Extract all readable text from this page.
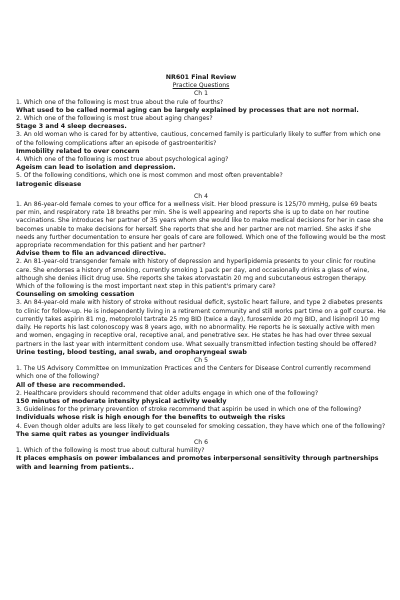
NR601 Final Review
Practice Questions
Ch 1
1. Which one of the following is most true about the rule of fourths?
What used to be called normal aging can be largely explained by processes that are not normal.
2. Which one of the following is most true about aging changes?
Stage 3 and 4 sleep decreases.
3. An old woman who is cared for by attentive, cautious, concerned family is particularly likely to suffer from which one of the following complications after an episode of gastroenteritis?
Immobility related to over concern
4. Which one of the following is most true about psychological aging?
Ageism can lead to isolation and depression.
5. Of the following conditions, which one is most common and most often preventable?
Iatrogenic disease
Ch 4
1. An 86-year-old female comes to your office for a wellness visit. Her blood pressure is 125/70 mmHg, pulse 69 beats per min, and respiratory rate 18 breaths per min. She is well appearing and reports she is up to date on her routine vaccinations. She introduces her partner of 35 years whom she would like to make medical decisions for her in case she becomes unable to make decisions for herself. She reports that she and her partner are not married. She asks if she needs any further documentation to ensure her goals of care are followed. Which one of the following would be the most appropriate recommendation for this patient and her partner?
Advise them to file an advanced directive.
2. An 81-year-old transgender female with history of depression and hyperlipidemia presents to your clinic for routine care. She endorses a history of smoking, currently smoking 1 pack per day, and occasionally drinks a glass of wine, although she denies illicit drug use. She reports she takes atorvastatin 20 mg and subcutaneous estrogen therapy. Which of the following is the most important next step in this patient's primary care?
Counseling on smoking cessation
3. An 84-year-old male with history of stroke without residual deficit, systolic heart failure, and type 2 diabetes presents to clinic for follow-up. He is independently living in a retirement community and still works part time on a golf course. He currently takes aspirin 81 mg, metoprolol tartrate 25 mg BID (twice a day), furosemide 20 mg BID, and lisinopril 10 mg daily. He reports his last colonoscopy was 8 years ago, with no abnormality. He reports he is sexually active with men and women, engaging in receptive oral, receptive anal, and penetrative sex. He states he has had over three sexual partners in the last year with intermittent condom use. What sexually transmitted infection testing should be offered?
Urine testing, blood testing, anal swab, and oropharyngeal swab
Ch 5
1. The US Advisory Committee on Immunization Practices and the Centers for Disease Control currently recommend which one of the following?
All of these are recommended.
2. Healthcare providers should recommend that older adults engage in which one of the following?
150 minutes of moderate intensity physical activity weekly
3. Guidelines for the primary prevention of stroke recommend that aspirin be used in which one of the following?
Individuals whose risk is high enough for the benefits to outweigh the risks
4. Even though older adults are less likely to get counseled for smoking cessation, they have which one of the following?
The same quit rates as younger individuals
Ch 6
1. Which of the following is most true about cultural humility?
It places emphasis on power imbalances and promotes interpersonal sensitivity through partnerships with and learning from patients..
